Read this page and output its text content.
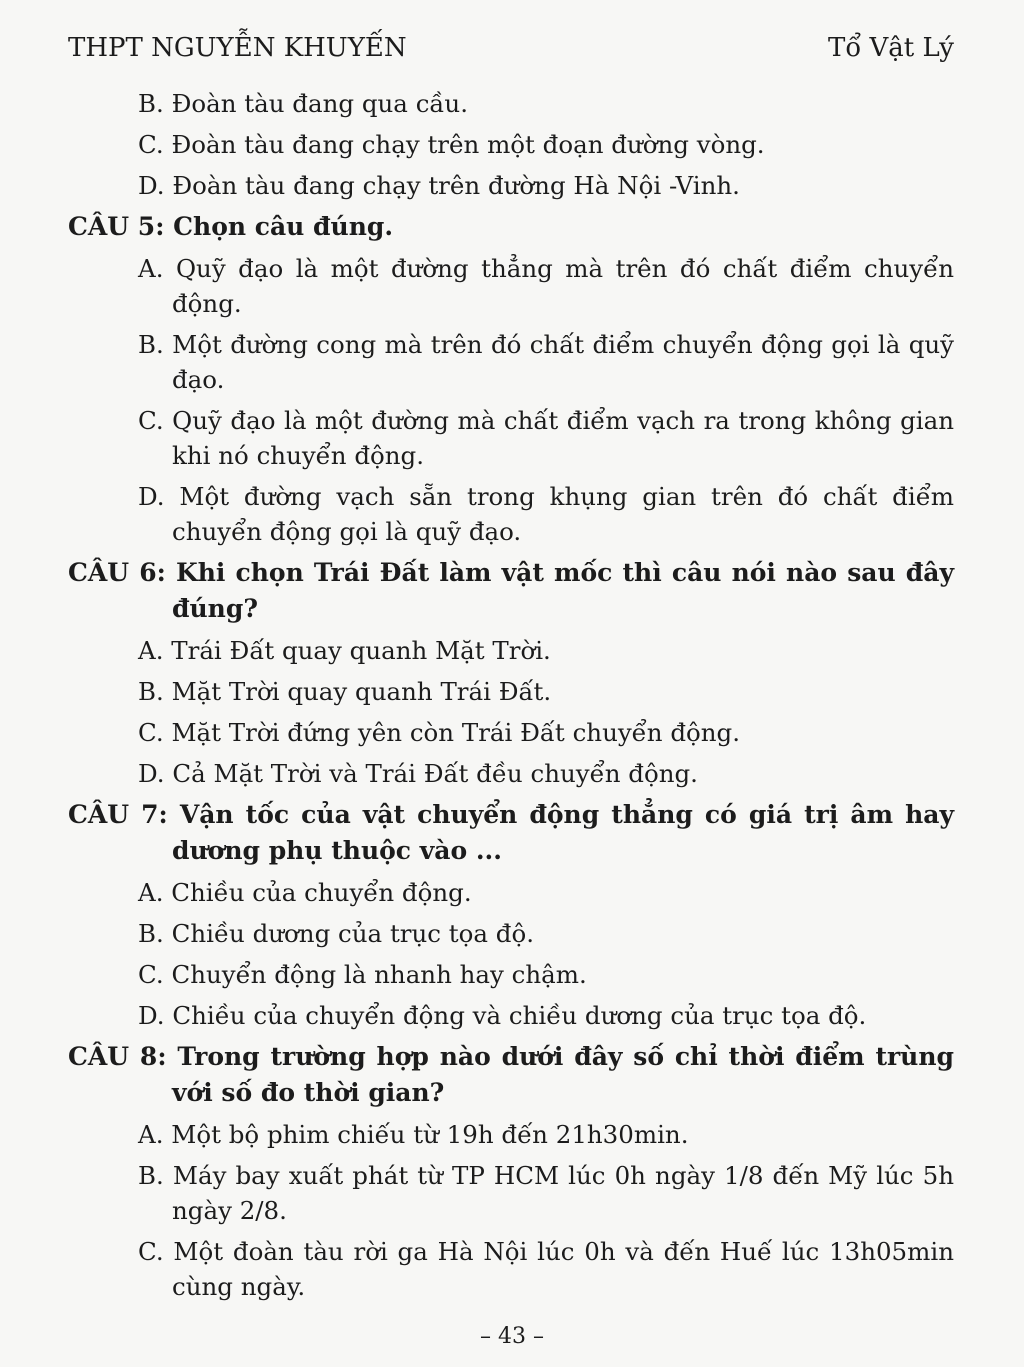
THPT NGUYỄN KHUYẾN	Tổ Vật Lý

B. Đoàn tàu đang qua cầu.

C. Đoàn tàu đang chạy trên một đoạn đường vòng.

D. Đoàn tàu đang chạy trên đường Hà Nội -Vinh.

CÂU 5: Chọn câu đúng.

A. Quỹ đạo là một đường thẳng mà trên đó chất điểm chuyển động.

B. Một đường cong mà trên đó chất điểm chuyển động gọi là quỹ đạo.

C. Quỹ đạo là một đường mà chất điểm vạch ra trong không gian khi nó chuyển động.

D. Một đường vạch sẵn trong khụng gian trên đó chất điểm chuyển động gọi là quỹ đạo.

CÂU 6: Khi chọn Trái Đất làm vật mốc thì câu nói nào sau đây đúng?

A. Trái Đất quay quanh Mặt Trời.

B. Mặt Trời quay quanh Trái Đất.

C. Mặt Trời đứng yên còn Trái Đất chuyển động.

D. Cả Mặt Trời và Trái Đất đều chuyển động.

CÂU 7: Vận tốc của vật chuyển động thẳng có giá trị âm hay dương phụ thuộc vào ...

A. Chiều của chuyển động.

B. Chiều dương của trục tọa độ.

C. Chuyển động là nhanh hay chậm.

D. Chiều của chuyển động và chiều dương của trục tọa độ.

CÂU 8: Trong trường hợp nào dưới đây số chỉ thời điểm trùng với số đo thời gian?

A. Một bộ phim chiếu từ 19h đến 21h30min.

B. Máy bay xuất phát từ TP HCM lúc 0h ngày 1/8 đến Mỹ lúc 5h ngày 2/8.

C. Một đoàn tàu rời ga Hà Nội lúc 0h và đến Huế lúc 13h05min cùng ngày.

– 43 –
